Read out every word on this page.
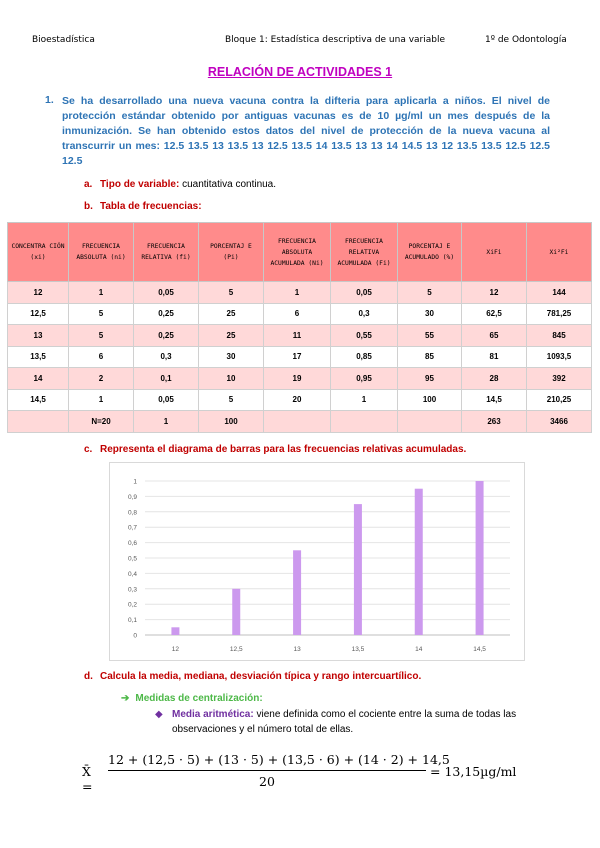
Bioestadística	Bloque 1: Estadística descriptiva de una variable	1º de Odontología
RELACIÓN DE ACTIVIDADES 1
1. Se ha desarrollado una nueva vacuna contra la difteria para aplicarla a niños. El nivel de protección estándar obtenido por antiguas vacunas es de 10 µg/ml un mes después de la inmunización. Se han obtenido estos datos del nivel de protección de la nueva vacuna al transcurrir un mes: 12.5 13.5 13 13.5 13 12.5 13.5 14 13.5 13 13 14 14.5 13 12 13.5 13.5 12.5 12.5 12.5
a. Tipo de variable: cuantitativa continua.
b. Tabla de frecuencias:
CONCENTRA CIÓN (xi)	FRECUENCIA ABSOLUTA (ni)	FRECUENCIA RELATIVA (fi)	PORCENTAJ E (Pi)	FRECUENCIA ABSOLUTA ACUMULADA (Ni)	FRECUENCIA RELATIVA ACUMULADA (Fi)	PORCENTAJ E ACUMULADO (%)	XiFi	Xi²Fi
12	1	0,05	5	1	0,05	5	12	144
12,5	5	0,25	25	6	0,3	30	62,5	781,25
13	5	0,25	25	11	0,55	55	65	845
13,5	6	0,3	30	17	0,85	85	81	1093,5
14	2	0,1	10	19	0,95	95	28	392
14,5	1	0,05	5	20	1	100	14,5	210,25
	N=20	1	100				263	3466
c. Representa el diagrama de barras para las frecuencias relativas acumuladas.
0
0,1
0,2
0,3
0,4
0,5
0,6
0,7
0,8
0,9
1
12	12,5	13	13,5	14	14,5
d. Calcula la media, mediana, desviación típica y rango intercuartílico.
➔ Medidas de centralización:
◆ Media aritmética: viene definida como el cociente entre la suma de todas las observaciones y el número total de ellas.
X̄ = $\frac{12 + (12,5 \cdot 5) + (13 \cdot 5) + (13,5 \cdot 6) + (14 \cdot 2) + 14,5}{20} = 13,15\mu g/ml$
